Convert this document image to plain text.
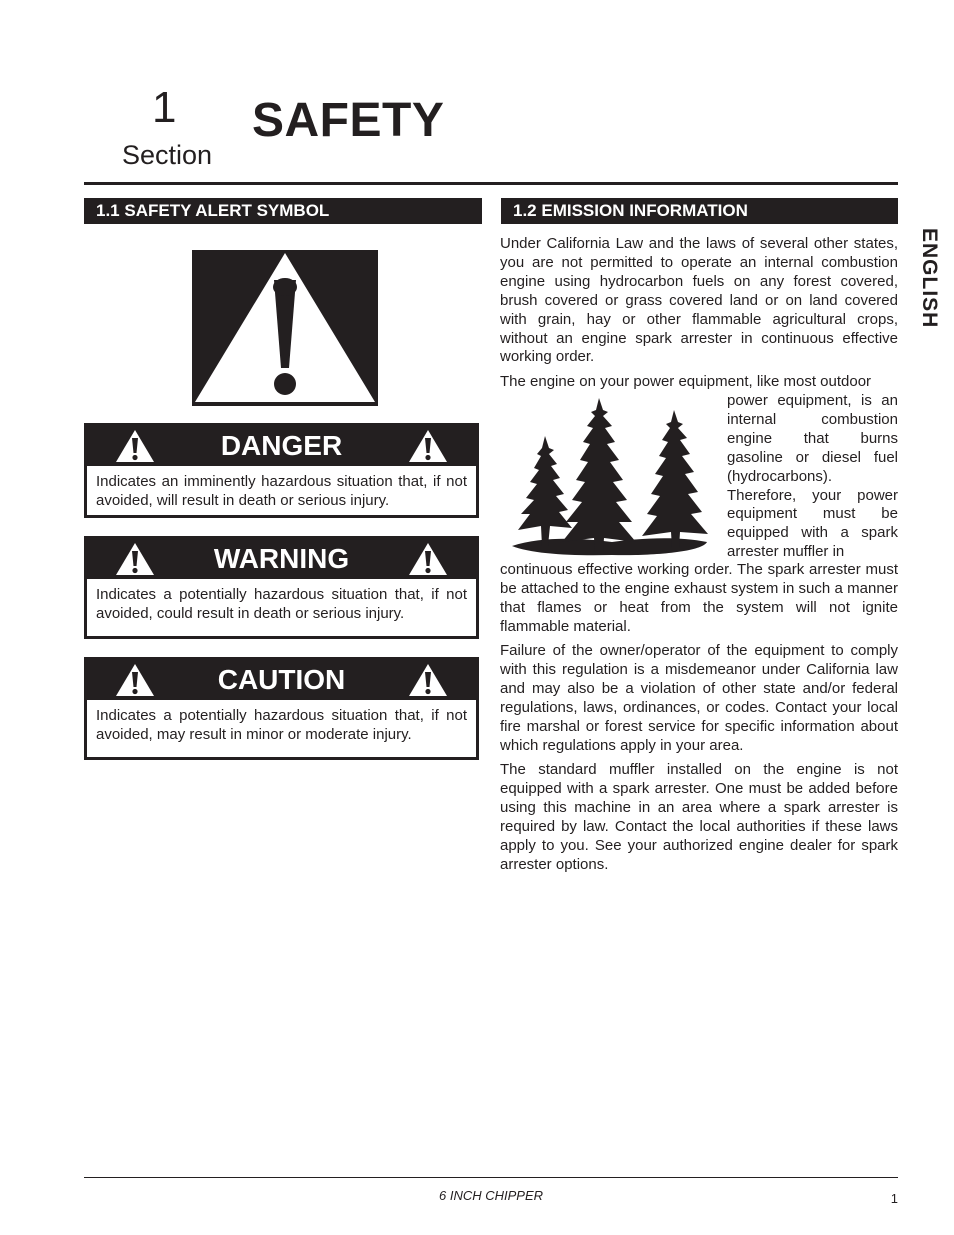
1
Section
SAFETY
ENGLISH
1.1 SAFETY ALERT SYMBOL
DANGER
Indicates an imminently hazardous situation that, if not avoided, will result in death or serious injury.
WARNING
Indicates a potentially hazardous situation that, if not avoided, could result in death or serious injury.
CAUTION
Indicates a potentially hazardous situation that, if not avoided, may result in minor or moderate injury.
1.2 EMISSION INFORMATION

Under California Law and the laws of several other states, you are not permitted to operate an internal combustion engine using hydrocarbon fuels on any forest covered, brush covered or grass covered land or on land covered with grain, hay or other flammable agricultural crops, without an engine spark arrester in continuous effective working order.

The engine on your power equipment, like most outdoor

power equipment, is an internal combustion engine that burns gasoline or diesel fuel (hydrocarbons). Therefore, your power equipment must be equipped with a spark arrester muffler in

continuous effective working order. The spark arrester must be attached to the engine exhaust system in such a manner that flames or heat from the system will not ignite flammable material.

Failure of the owner/operator of the equipment to comply with this regulation is a misdemeanor under California law and may also be a violation of other state and/or federal regulations, laws, ordinances, or codes. Contact your local fire marshal or forest service for specific information about which regulations apply in your area.

The standard muffler installed on the engine is not equipped with a spark arrester. One must be added before using this machine in an area where a spark arrester is required by law. Contact the local authorities if these laws apply to you. See your authorized engine dealer for spark arrester options.

6 INCH CHIPPER	1
